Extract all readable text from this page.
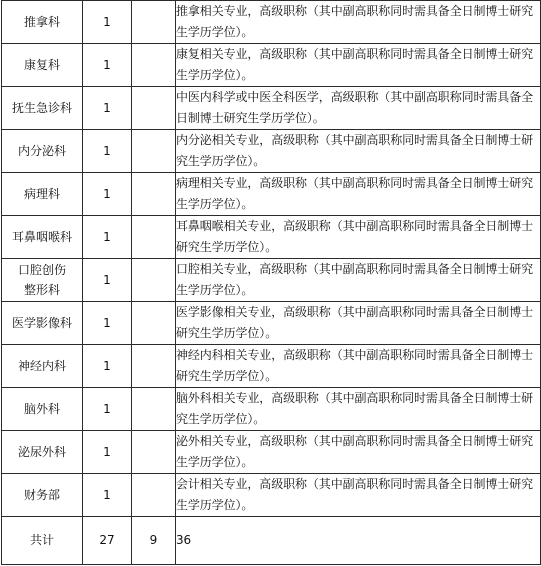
推拿科	1		推拿相关专业，高级职称（其中副高职称同时需具备全日制博士研究生学历学位）。
康复科	1		康复相关专业，高级职称（其中副高职称同时需具备全日制博士研究生学历学位）。
抚生急诊科	1		中医内科学或中医全科医学，高级职称（其中副高职称同时需具备全日制博士研究生学历学位）。
内分泌科	1		内分泌相关专业，高级职称（其中副高职称同时需具备全日制博士研究生学历学位）。
病理科	1		病理相关专业，高级职称（其中副高职称同时需具备全日制博士研究生学历学位）。
耳鼻咽喉科	1		耳鼻咽喉相关专业，高级职称（其中副高职称同时需具备全日制博士研究生学历学位）。
口腔创伤整形科	1		口腔相关专业，高级职称（其中副高职称同时需具备全日制博士研究生学历学位）。
医学影像科	1		医学影像相关专业，高级职称（其中副高职称同时需具备全日制博士研究生学历学位）。
神经内科	1		神经内科相关专业，高级职称（其中副高职称同时需具备全日制博士研究生学历学位）。
脑外科	1		脑外科相关专业，高级职称（其中副高职称同时需具备全日制博士研究生学历学位）。
泌尿外科	1		泌外相关专业，高级职称（其中副高职称同时需具备全日制博士研究生学历学位）。
财务部	1		会计相关专业，高级职称（其中副高职称同时需具备全日制博士研究生学历学位）。
共计	27	9	36
